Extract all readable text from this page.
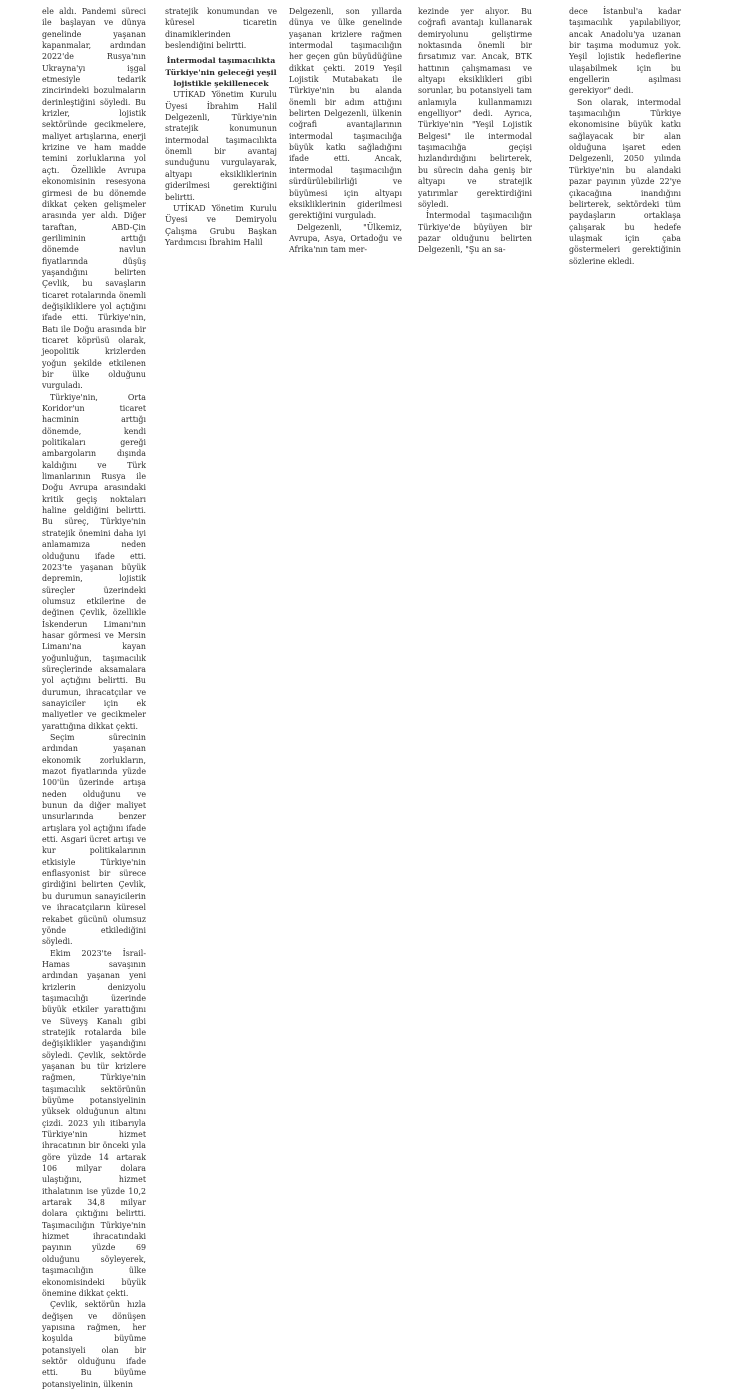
ele aldı. Pandemi süreci ile başlayan ve dünya genelinde yaşanan kapanmalar, ardından 2022'de Rusya'nın Ukrayna'yı işgal etmesiyle tedarik zincirindeki bozulmaların derinleştiğini söyledi. Bu krizler, lojistik sektöründe gecikmelere, maliyet artışlarına, enerji krizine ve ham madde temini zorluklarına yol açtı. Özellikle Avrupa ekonomisinin resesyona girmesi de bu dönemde dikkat çeken gelişmeler arasında yer aldı. Diğer taraftan, ABD-Çin geriliminin arttığı dönemde navlun fiyatlarında düşüş yaşandığını belirten Çevlik, bu savaşların ticaret rotalarında önemli değişikliklere yol açtığını ifade etti. Türkiye'nin, Batı ile Doğu arasında bir ticaret köprüsü olarak, jeopolitik krizlerden yoğun şekilde etkilenen bir ülke olduğunu vurguladı.

Türkiye'nin, Orta Koridor'un ticaret hacminin arttığı dönemde, kendi politikaları gereği ambargoların dışında kaldığını ve Türk limanlarının Rusya ile Doğu Avrupa arasındaki kritik geçiş noktaları haline geldiğini belirtti. Bu süreç, Türkiye'nin stratejik önemini daha iyi anlamamıza neden olduğunu ifade etti. 2023'te yaşanan büyük depremin, lojistik süreçler üzerindeki olumsuz etkilerine de değinen Çevlik, özellikle İskenderun Limanı'nın hasar görmesi ve Mersin Limanı'na kayan yoğunluğun, taşımacılık süreçlerinde aksamalara yol açtığını belirtti. Bu durumun, ihracatçılar ve sanayiciler için ek maliyetler ve gecikmeler yarattığına dikkat çekti.

Seçim sürecinin ardından yaşanan ekonomik zorlukların, mazot fiyatlarında yüzde 100'ün üzerinde artışa neden olduğunu ve bunun da diğer maliyet unsurlarında benzer artışlara yol açtığını ifade etti. Asgari ücret artışı ve kur politikalarının etkisiyle Türkiye'nin enflasyonist bir sürece girdiğini belirten Çevlik, bu durumun sanayicilerin ve ihracatçıların küresel rekabet gücünü olumsuz yönde etkilediğini söyledi.

Ekim 2023'te İsrail-Hamas savaşının ardından yaşanan yeni krizlerin denizyolu taşımacılığı üzerinde büyük etkiler yarattığını ve Süveyş Kanalı gibi stratejik rotalarda bile değişiklikler yaşandığını söyledi. Çevlik, sektörde yaşanan bu tür krizlere rağmen, Türkiye'nin taşımacılık sektörünün büyüme potansiyelinin yüksek olduğunun altını çizdi. 2023 yılı itibarıyla Türkiye'nin hizmet ihracatının bir önceki yıla göre yüzde 14 artarak 106 milyar dolara ulaştığını, hizmet ithalatının ise yüzde 10,2 artarak 34,8 milyar dolara çıktığını belirtti. Taşımacılığın Türkiye'nin hizmet ihracatındaki payının yüzde 69 olduğunu söyleyerek, taşımacılığın ülke ekonomisindeki büyük önemine dikkat çekti.

Çevlik, sektörün hızla değişen ve dönüşen yapısına rağmen, her koşulda büyüme potansiyeli olan bir sektör olduğunu ifade etti. Bu büyüme potansiyelinin, ülkenin

stratejik konumundan ve küresel ticaretin dinamiklerinden beslendiğini belirtti.

İntermodal taşımacılıkta Türkiye'nin geleceği yeşil lojistikle şekillenecek

UTİKAD Yönetim Kurulu Üyesi İbrahim Halil Delgezenli, Türkiye'nin stratejik konumunun intermodal taşımacılıkta önemli bir avantaj sunduğunu vurgulayarak, altyapı eksikliklerinin giderilmesi gerektiğini belirtti.

UTİKAD Yönetim Kurulu Üyesi ve Demiryolu Çalışma Grubu Başkan Yardımcısı İbrahim Halil

Delgezenli, son yıllarda dünya ve ülke genelinde yaşanan krizlere rağmen intermodal taşımacılığın her geçen gün büyüdüğüne dikkat çekti. 2019 Yeşil Lojistik Mutabakatı ile Türkiye'nin bu alanda önemli bir adım attığını belirten Delgezenli, ülkenin coğrafi avantajlarının intermodal taşımacılığa büyük katkı sağladığını ifade etti. Ancak, intermodal taşımacılığın sürdürülebilirliği ve büyümesi için altyapı eksikliklerinin giderilmesi gerektiğini vurguladı.

Delgezenli, "Ülkemiz, Avrupa, Asya, Ortadoğu ve Afrika'nın tam mer-

kezinde yer alıyor. Bu coğrafi avantajı kullanarak demiryolunu geliştirme noktasında önemli bir fırsatımız var. Ancak, BTK hattının çalışmaması ve altyapı eksiklikleri gibi sorunlar, bu potansiyeli tam anlamıyla kullanmamızı engelliyor" dedi. Ayrıca, Türkiye'nin "Yeşil Lojistik Belgesi" ile intermodal taşımacılığa geçişi hızlandırdığını belirterek, bu sürecin daha geniş bir altyapı ve stratejik yatırımlar gerektirdiğini söyledi.

İntermodal taşımacılığın Türkiye'de büyüyen bir pazar olduğunu belirten Delgezenli, "Şu an sa-

dece İstanbul'a kadar taşımacılık yapılabiliyor, ancak Anadolu'ya uzanan bir taşıma modumuz yok. Yeşil lojistik hedeflerine ulaşabilmek için bu engellerin aşılması gerekiyor" dedi.

Son olarak, intermodal taşımacılığın Türkiye ekonomisine büyük katkı sağlayacak bir alan olduğuna işaret eden Delgezenli, 2050 yılında Türkiye'nin bu alandaki pazar payının yüzde 22'ye çıkacağına inandığını belirterek, sektördeki tüm paydaşların ortaklaşa çalışarak bu hedefe ulaşmak için çaba göstermeleri gerektiğinin sözlerine ekledi.
